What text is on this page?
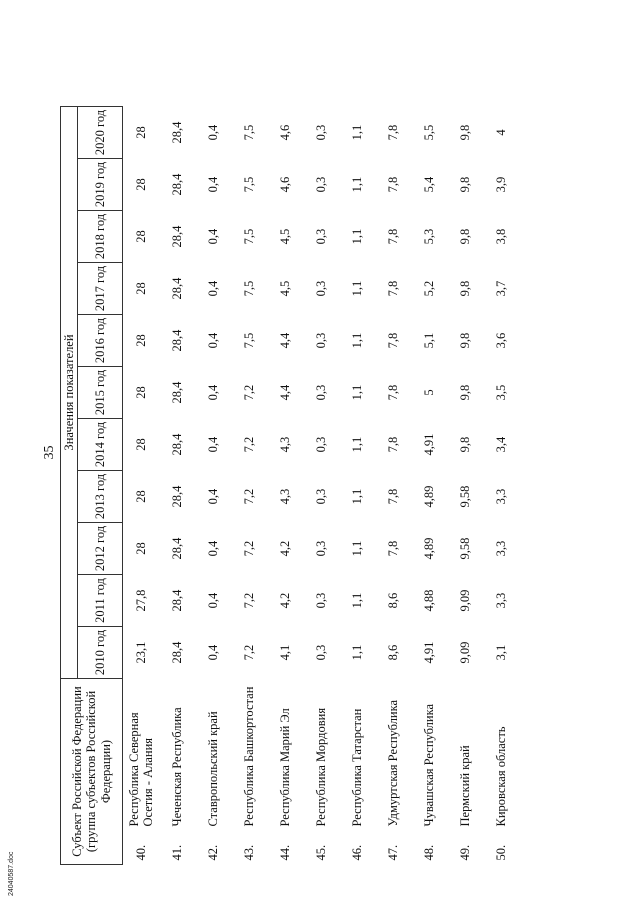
35
Субъект Российской Федерации (группа субъектов Российской Федерации)		Значения показателей										
		2010 год	2011 год	2012 год	2013 год	2014 год	2015 год	2016 год	2017 год	2018 год	2019 год	2020 год
40.	Республика Северная Осетия - Алания	23,1	27,8	28	28	28	28	28	28	28	28	28
41.	Чеченская Республика	28,4	28,4	28,4	28,4	28,4	28,4	28,4	28,4	28,4	28,4	28,4
42.	Ставропольский край	0,4	0,4	0,4	0,4	0,4	0,4	0,4	0,4	0,4	0,4	0,4
43.	Республика Башкортостан	7,2	7,2	7,2	7,2	7,2	7,2	7,5	7,5	7,5	7,5	7,5
44.	Республика Марий Эл	4,1	4,2	4,2	4,3	4,3	4,4	4,4	4,5	4,5	4,6	4,6
45.	Республика Мордовия	0,3	0,3	0,3	0,3	0,3	0,3	0,3	0,3	0,3	0,3	0,3
46.	Республика Татарстан	1,1	1,1	1,1	1,1	1,1	1,1	1,1	1,1	1,1	1,1	1,1
47.	Удмуртская Республика	8,6	8,6	7,8	7,8	7,8	7,8	7,8	7,8	7,8	7,8	7,8
48.	Чувашская Республика	4,91	4,88	4,89	4,89	4,91	5	5,1	5,2	5,3	5,4	5,5
49.	Пермский край	9,09	9,09	9,58	9,58	9,8	9,8	9,8	9,8	9,8	9,8	9,8
50.	Кировская область	3,1	3,3	3,3	3,3	3,4	3,5	3,6	3,7	3,8	3,9	4
24040587.doc
